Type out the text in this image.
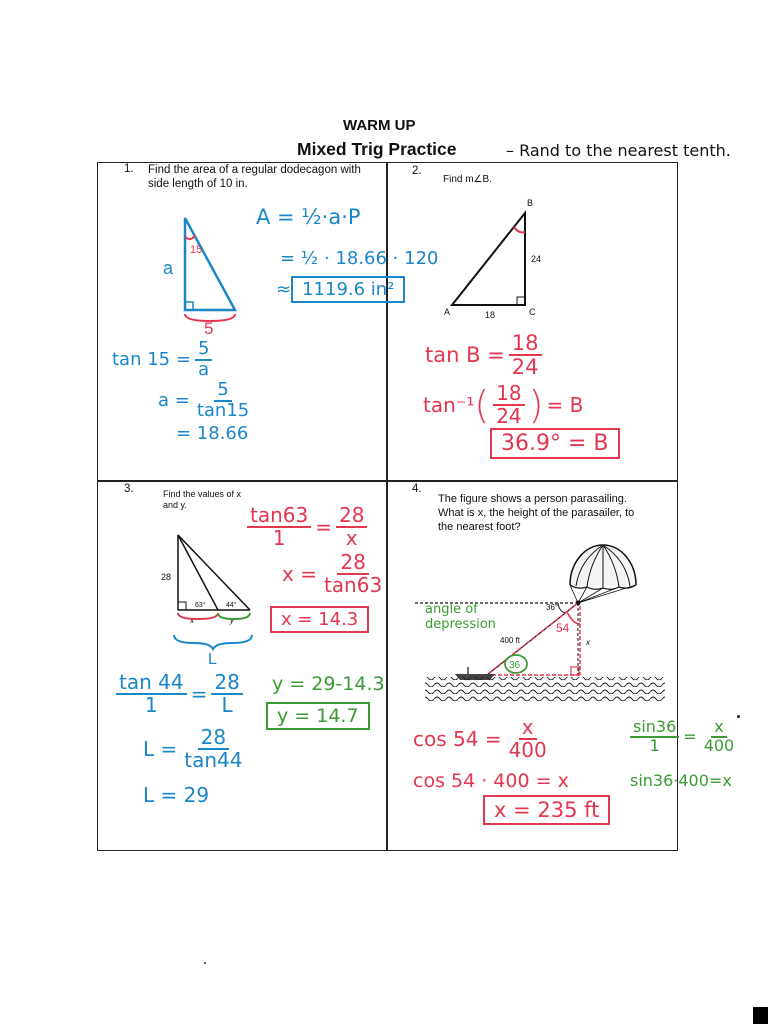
WARM UP
Mixed Trig Practice	– Rand to the nearest tenth.
1. Find the area of a regular dodecagon with side length of 10 in.
15
a
5
A = ½·a·P
= ½ · 18.66 · 120
≈ 1119.6 in²
$\tan 15 = \frac{5}{a}$
$a = \frac{5}{\tan 15}$
= 18.66
2.
Find m∠B.
B
24
A	18	C
$\tan B = \frac{18}{24}$
tan⁻¹ ( $\frac{18}{24}$ ) = B
36.9° = B
3.	Find the values of x and y.
28
63°	44°
x	y
L
$\frac{\tan 63}{1} = \frac{28}{x}$
$x = \frac{28}{\tan 63}$
x = 14.3
$\frac{\tan 44}{1} = \frac{28}{L}$
$L = \frac{28}{\tan 44}$
L = 29
y = 29-14.3
y = 14.7
4.
The figure shows a person parasailing. What is x, the height of the parasailer, to the nearest foot?
36°
54
400 ft	x
36
angle of depression
$\cos 54 = \frac{x}{400}$
cos 54 · 400 = x
x = 235 ft
$\frac{\sin 36}{1} = \frac{x}{400}$
sin36·400=x
